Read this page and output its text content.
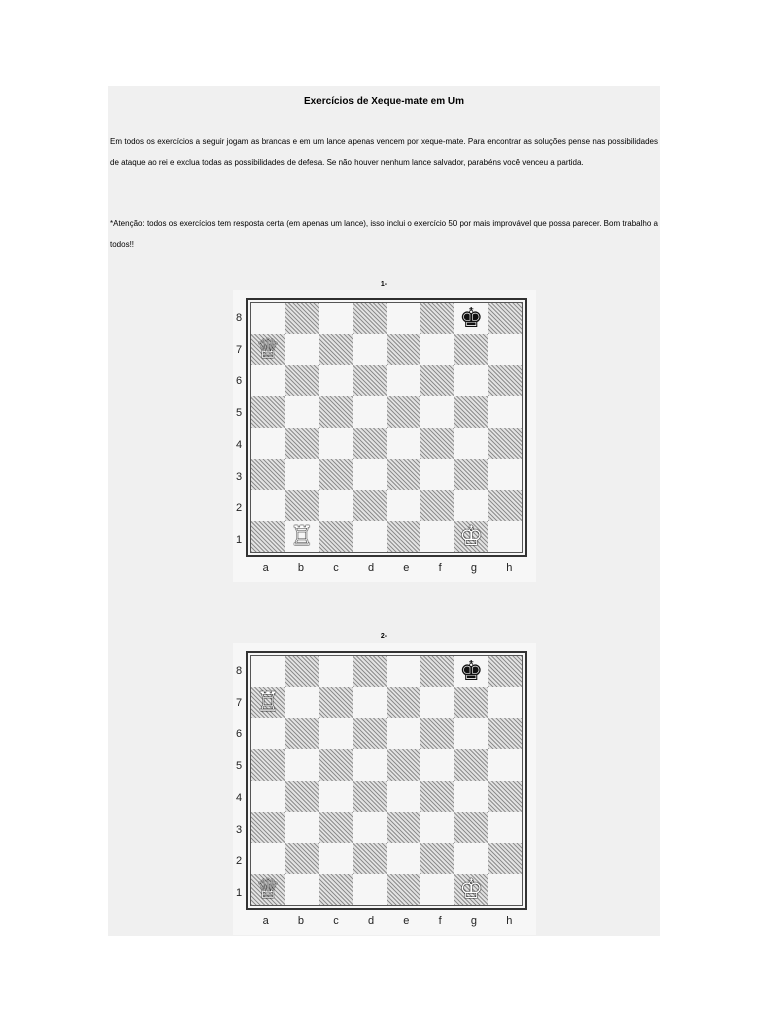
Exercícios de Xeque-mate em Um
Em todos os exercícios a seguir jogam as brancas e em um lance apenas vencem por xeque-mate. Para encontrar as soluções pense nas possibilidades de ataque ao rei e exclua todas as possibilidades de defesa. Se não houver nenhum lance salvador, parabéns você venceu a partida.
*Atenção: todos os exercícios tem resposta certa (em apenas um lance), isso inclui o exercício 50 por mais improvável que possa parecer. Bom trabalho a todos!!
1-
8
7
6
5
4
3
2
1
♚
♕
♖	♔
a	b	c	d	e	f	g	h
2-
8
7
6
5
4
3
2
1
♚
♖
♕	♔
a	b	c	d	e	f	g	h
